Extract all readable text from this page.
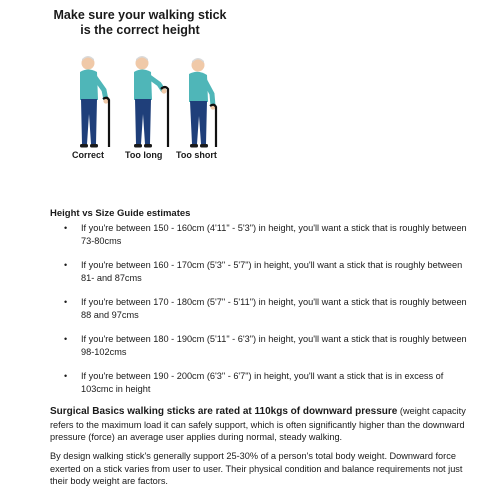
Make sure your walking stick
is the correct height
Correct Too long Too short
Height vs Size Guide estimates
• If you're between 150 - 160cm (4'11" - 5'3") in height, you'll want a stick that is roughly between 73-80cms
• If you're between 160 - 170cm (5'3" - 5'7") in height, you'll want a stick that is roughly between 81- and 87cms
• If you're between 170 - 180cm (5'7" - 5'11") in height, you'll want a stick that is roughly between 88 and 97cms
• If you're between 180 - 190cm (5'11" - 6'3") in height, you'll want a stick that is roughly between 98-102cms
• If you're between 190 - 200cm (6'3" - 6'7") in height, you'll want a stick that is in excess of 103cmc in height

Surgical Basics walking sticks are rated at 110kgs of downward pressure (weight capacity refers to the maximum load it can safely support, which is often significantly higher than the downward pressure (force) an average user applies during normal, steady walking.

By design walking stick's generally support 25-30% of a person's total body weight. Downward force exerted on a stick varies from user to user. Their physical condition and balance requirements not just their body weight are factors.
